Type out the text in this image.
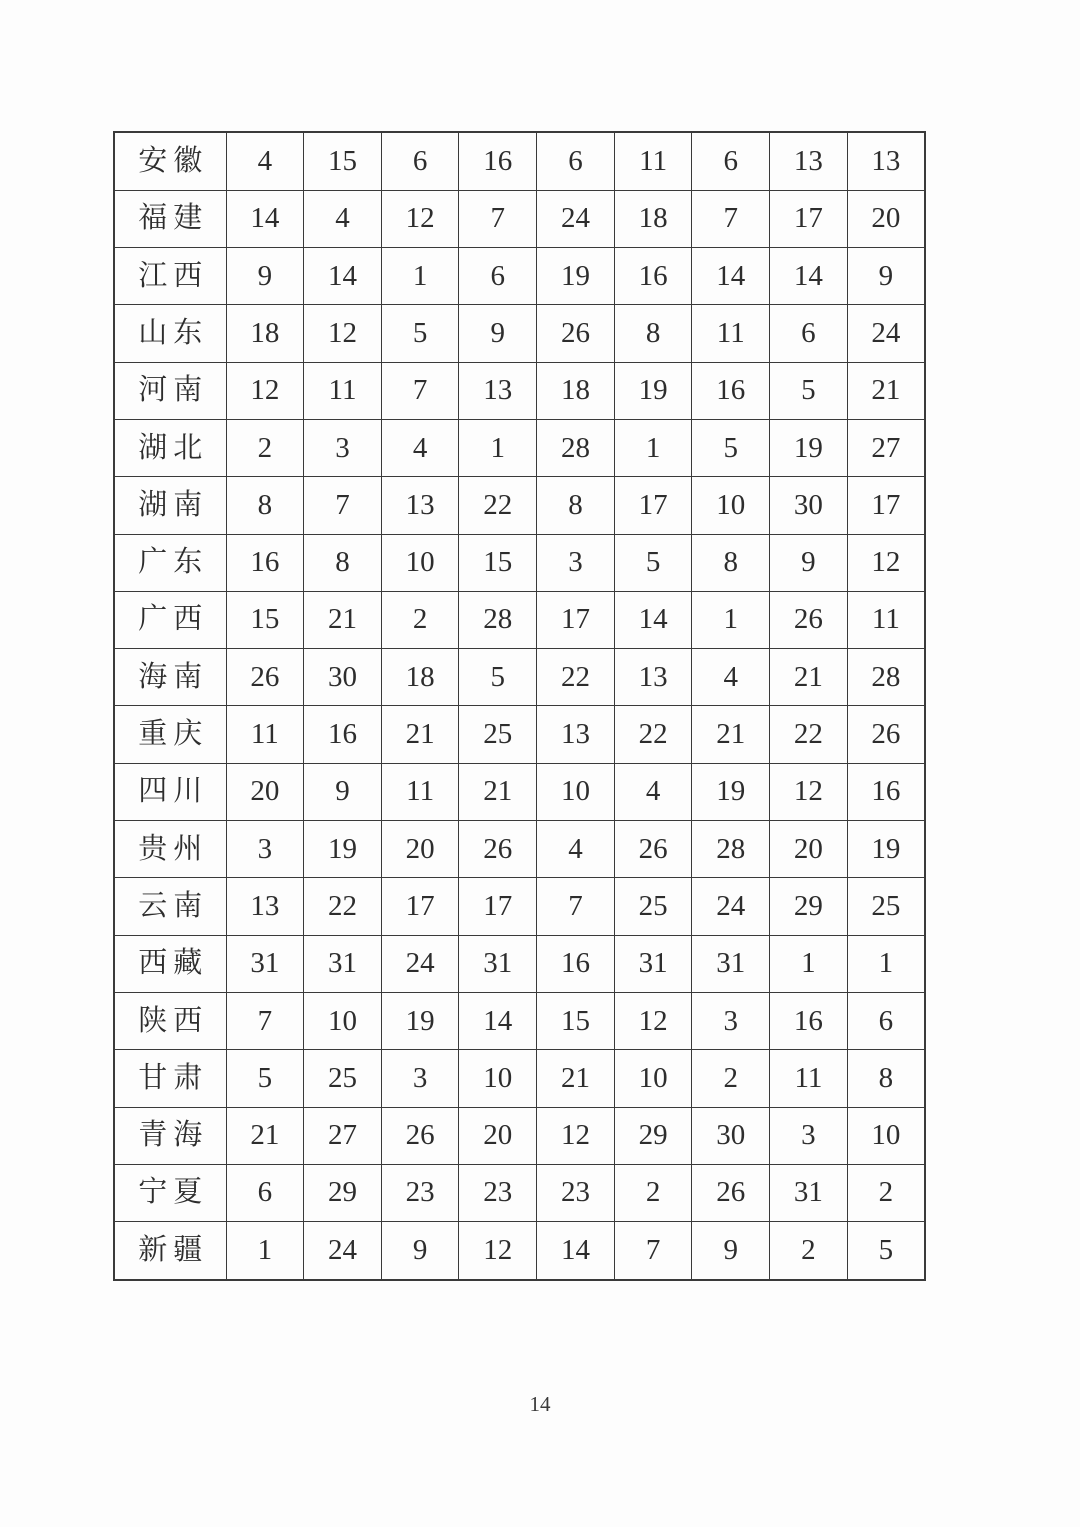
安徽	4	15	6	16	6	11	6	13	13
福建	14	4	12	7	24	18	7	17	20
江西	9	14	1	6	19	16	14	14	9
山东	18	12	5	9	26	8	11	6	24
河南	12	11	7	13	18	19	16	5	21
湖北	2	3	4	1	28	1	5	19	27
湖南	8	7	13	22	8	17	10	30	17
广东	16	8	10	15	3	5	8	9	12
广西	15	21	2	28	17	14	1	26	11
海南	26	30	18	5	22	13	4	21	28
重庆	11	16	21	25	13	22	21	22	26
四川	20	9	11	21	10	4	19	12	16
贵州	3	19	20	26	4	26	28	20	19
云南	13	22	17	17	7	25	24	29	25
西藏	31	31	24	31	16	31	31	1	1
陕西	7	10	19	14	15	12	3	16	6
甘肃	5	25	3	10	21	10	2	11	8
青海	21	27	26	20	12	29	30	3	10
宁夏	6	29	23	23	23	2	26	31	2
新疆	1	24	9	12	14	7	9	2	5
14
